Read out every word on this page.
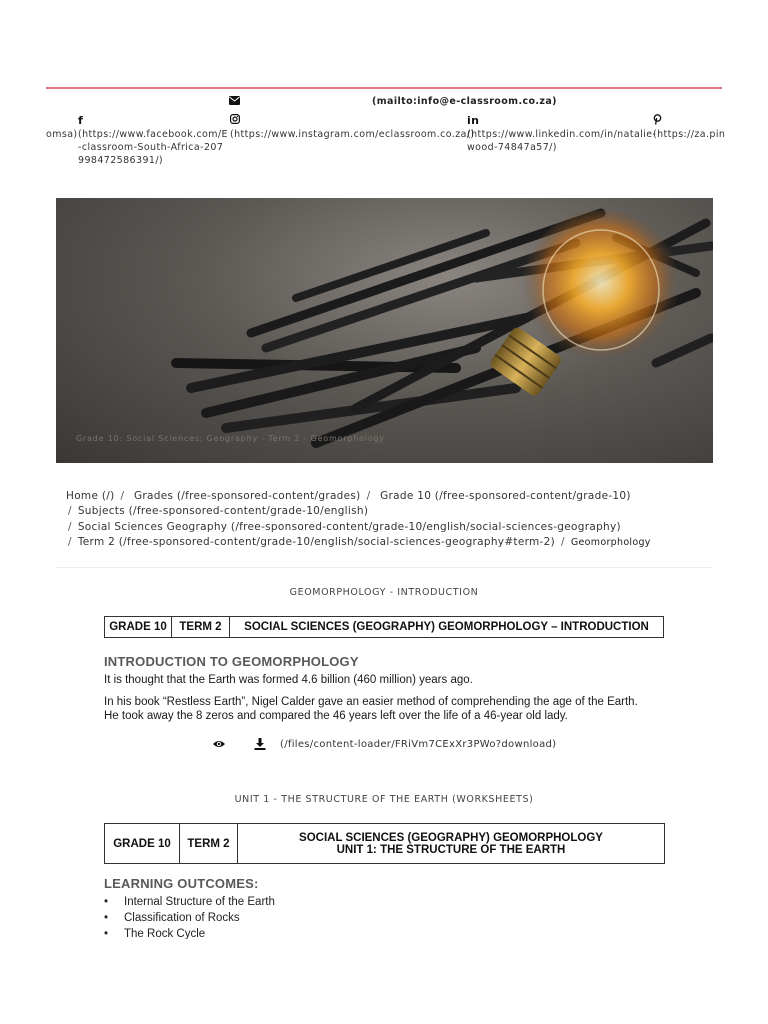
(mailto:info@e-classroom.co.za)
omsa)
f
(https://www.facebook.com/E-classroom-South-Africa-207998472586391/)
(https://www.instagram.com/eclassroom.co.za/)
in
(https://www.linkedin.com/in/natalie-wood-74847a57/)
(https://za.pin
Grade 10: Social Sciences: Geography - Term 2 - Geomorphology
Home (/) / Grades (/free-sponsored-content/grades) / Grade 10 (/free-sponsored-content/grade-10)
/ Subjects (/free-sponsored-content/grade-10/english)
/ Social Sciences Geography (/free-sponsored-content/grade-10/english/social-sciences-geography)
/ Term 2 (/free-sponsored-content/grade-10/english/social-sciences-geography#term-2) / Geomorphology
GEOMORPHOLOGY - INTRODUCTION
GRADE 10	TERM 2	SOCIAL SCIENCES (GEOGRAPHY) GEOMORPHOLOGY – INTRODUCTION
INTRODUCTION TO GEOMORPHOLOGY

It is thought that the Earth was formed 4.6 billion (460 million) years ago.

In his book “Restless Earth”, Nigel Calder gave an easier method of comprehending the age of the Earth.

He took away the 8 zeros and compared the 46 years left over the life of a 46-year old lady.

(/files/content-loader/FRiVm7CExXr3PWo?download)
UNIT 1 - THE STRUCTURE OF THE EARTH (WORKSHEETS)
GRADE 10	TERM 2	SOCIAL SCIENCES (GEOGRAPHY) GEOMORPHOLOGY
UNIT 1: THE STRUCTURE OF THE EARTH
LEARNING OUTCOMES:
• Internal Structure of the Earth
• Classification of Rocks
• The Rock Cycle
